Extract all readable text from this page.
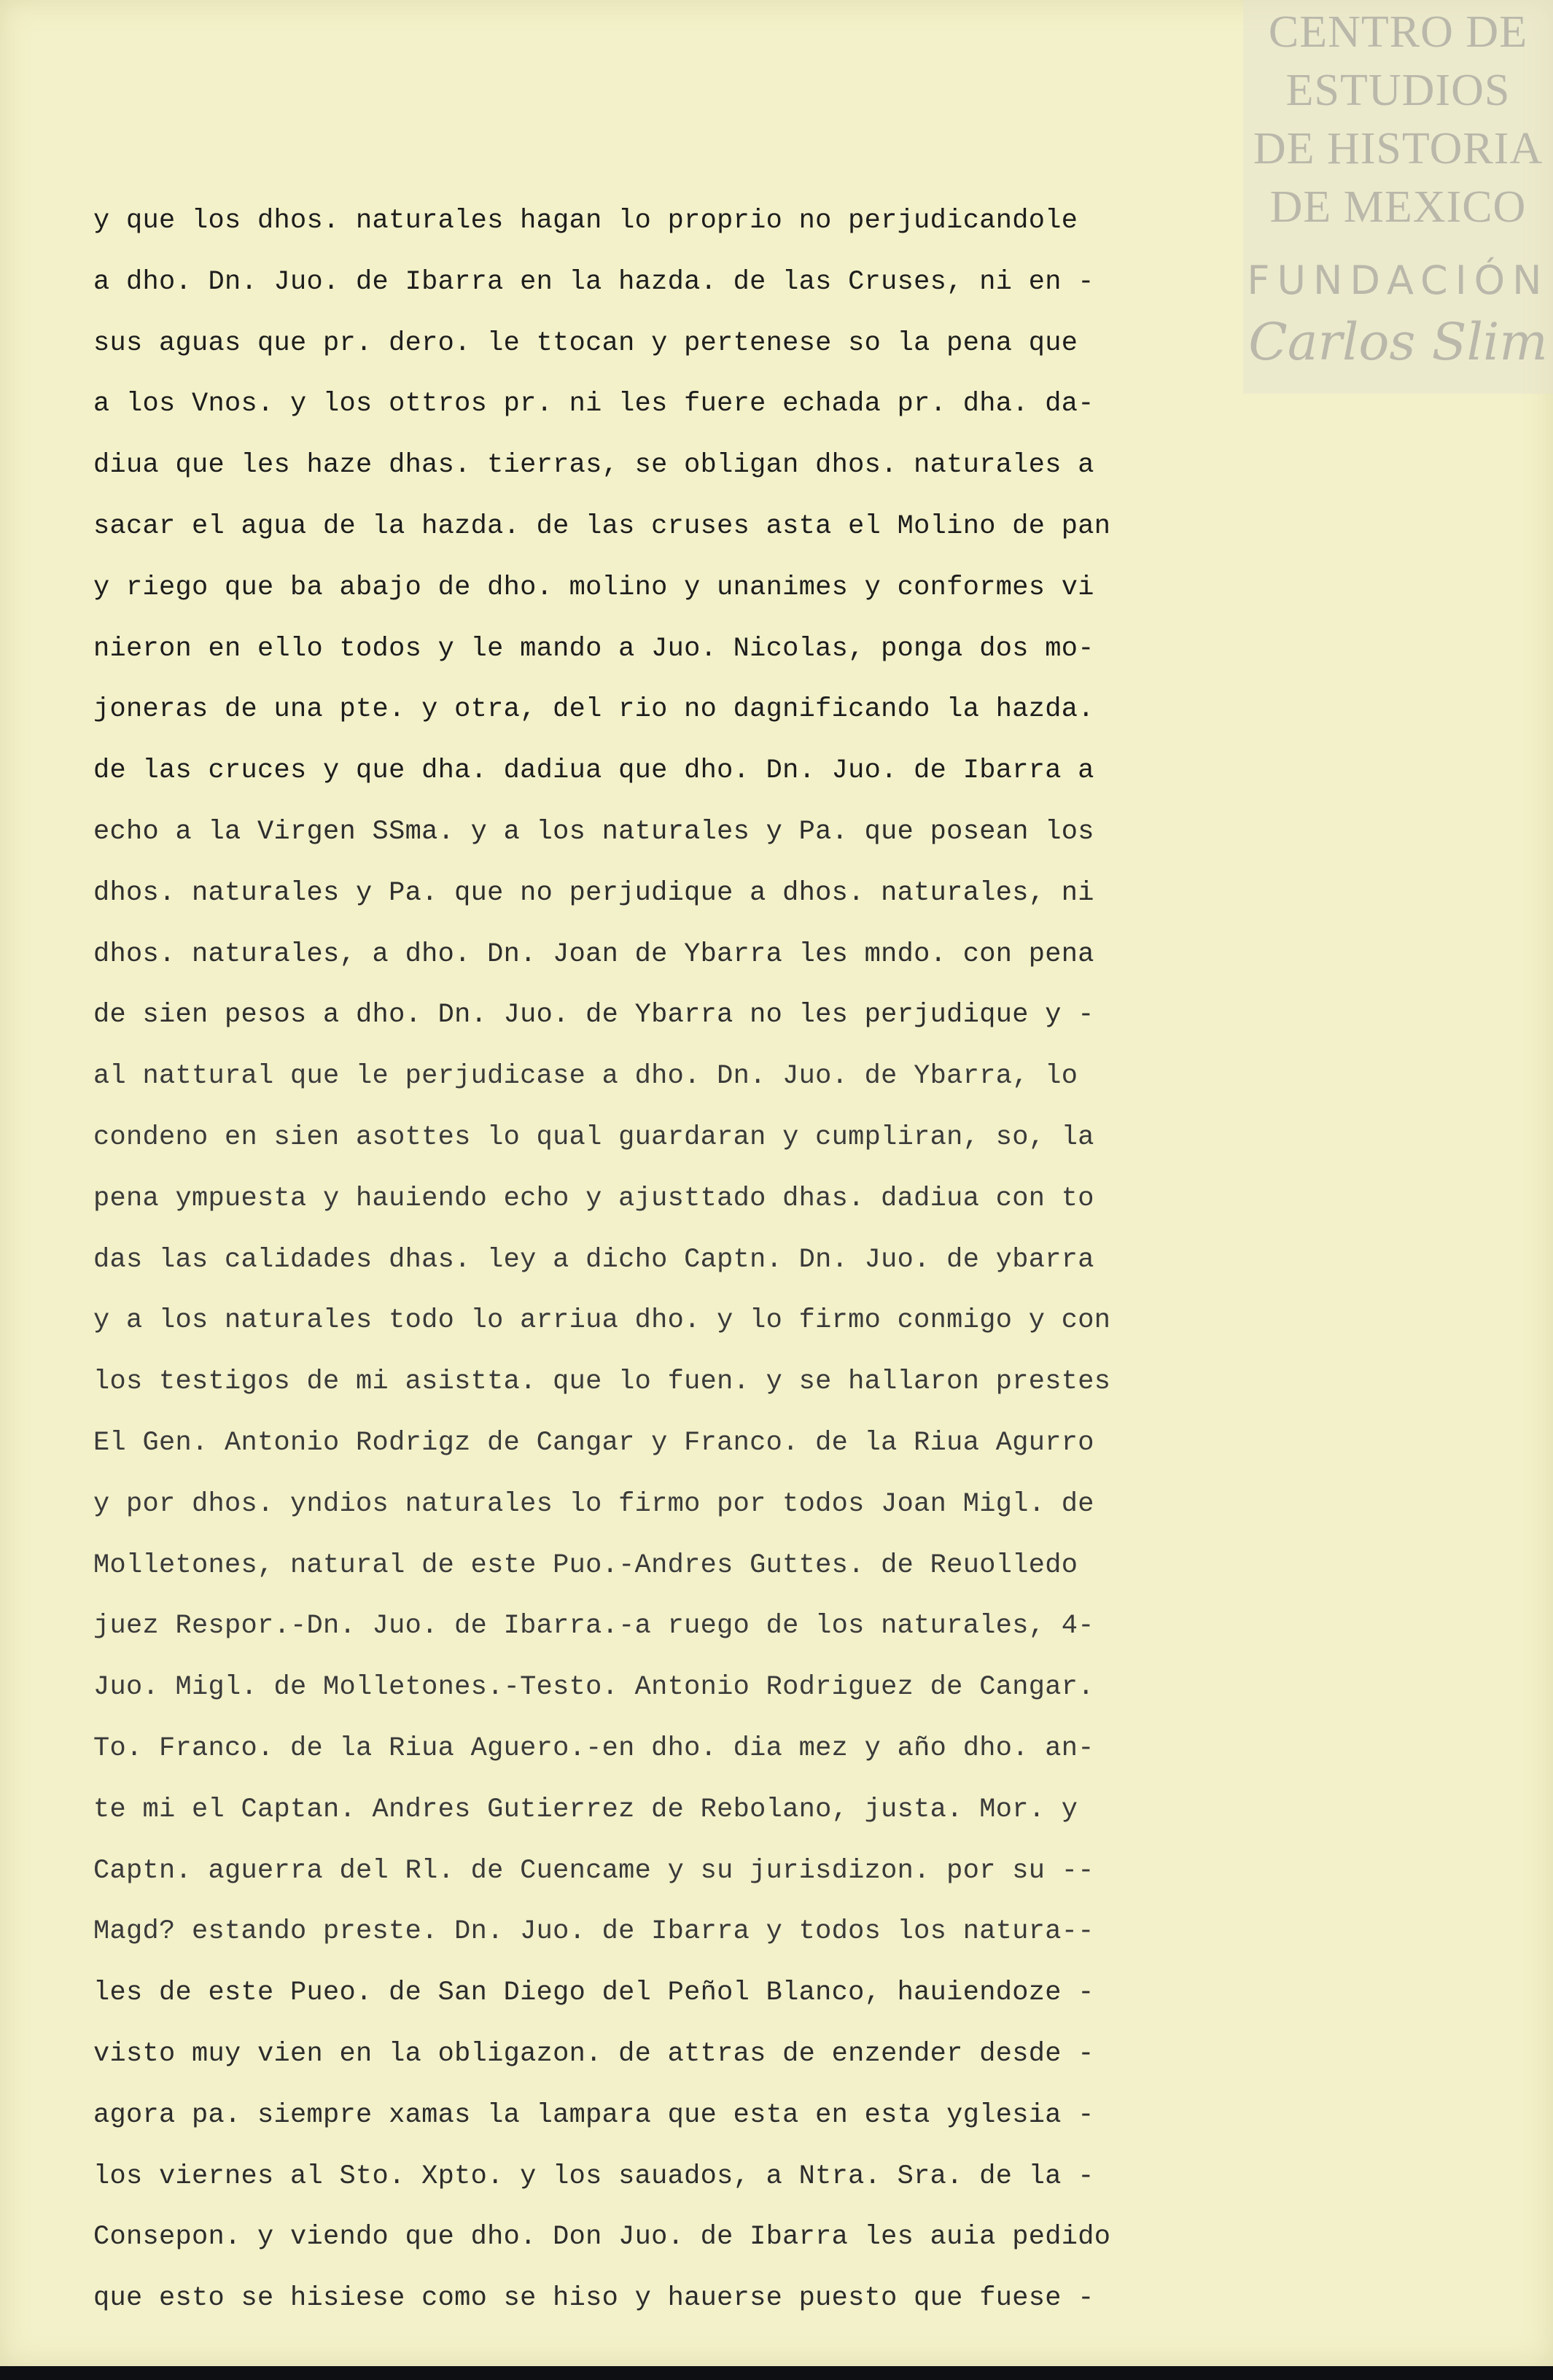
CENTRO DE
ESTUDIOS
DE HISTORIA
DE MEXICO
FUNDACIÓN
Carlos Slim
y que los dhos. naturales hagan lo proprio no perjudicandole
a dho. Dn. Juo. de Ibarra en la hazda. de las Cruses, ni en -
sus aguas que pr. dero. le ttocan y pertenese so la pena que
a los Vnos. y los ottros pr. ni les fuere echada pr. dha. da-
diua que les haze dhas. tierras, se obligan dhos. naturales a
sacar el agua de la hazda. de las cruses asta el Molino de pan
y riego que ba abajo de dho. molino y unanimes y conformes vi
nieron en ello todos y le mando a Juo. Nicolas, ponga dos mo-
joneras de una pte. y otra, del rio no dagnificando la hazda.
de las cruces y que dha. dadiua que dho. Dn. Juo. de Ibarra a
echo a la Virgen SSma. y a los naturales y Pa. que posean los
dhos. naturales y Pa. que no perjudique a dhos. naturales, ni
dhos. naturales, a dho. Dn. Joan de Ybarra les mndo. con pena
de sien pesos a dho. Dn. Juo. de Ybarra no les perjudique y -
al nattural que le perjudicase a dho. Dn. Juo. de Ybarra, lo
condeno en sien asottes lo qual guardaran y cumpliran, so, la
pena ympuesta y hauiendo echo y ajusttado dhas. dadiua con to
das las calidades dhas. ley a dicho Captn. Dn. Juo. de ybarra
y a los naturales todo lo arriua dho. y lo firmo conmigo y con
los testigos de mi asistta. que lo fuen. y se hallaron prestes
El Gen. Antonio Rodrigz de Cangar y Franco. de la Riua Agurro
y por dhos. yndios naturales lo firmo por todos Joan Migl. de
Molletones, natural de este Puo.-Andres Guttes. de Reuolledo
juez Respor.-Dn. Juo. de Ibarra.-a ruego de los naturales, 4-
Juo. Migl. de Molletones.-Testo. Antonio Rodriguez de Cangar.
To. Franco. de la Riua Aguero.-en dho. dia mez y año dho. an-
te mi el Captan. Andres Gutierrez de Rebolano, justa. Mor. y
Captn. aguerra del Rl. de Cuencame y su jurisdizon. por su --
Magd? estando preste. Dn. Juo. de Ibarra y todos los natura--
les de este Pueo. de San Diego del Peñol Blanco, hauiendoze -
visto muy vien en la obligazon. de attras de enzender desde -
agora pa. siempre xamas la lampara que esta en esta yglesia -
los viernes al Sto. Xpto. y los sauados, a Ntra. Sra. de la -
Consepon. y viendo que dho. Don Juo. de Ibarra les auia pedido
que esto se hisiese como se hiso y hauerse puesto que fuese -
